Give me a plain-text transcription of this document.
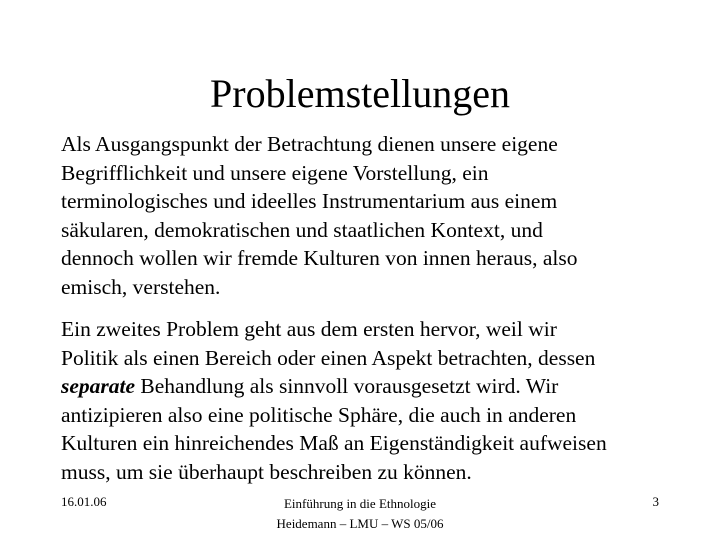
Problemstellungen

Als Ausgangspunkt der Betrachtung dienen unsere eigene
Begrifflichkeit und unsere eigene Vorstellung, ein
terminologisches und ideelles Instrumentarium aus einem
säkularen, demokratischen und staatlichen Kontext, und
dennoch wollen wir fremde Kulturen von innen heraus, also
emisch, verstehen.

Ein zweites Problem geht aus dem ersten hervor, weil wir
Politik als einen Bereich oder einen Aspekt betrachten, dessen
separate Behandlung als sinnvoll vorausgesetzt wird. Wir
antizipieren also eine politische Sphäre, die auch in anderen
Kulturen ein hinreichendes Maß an Eigenständigkeit aufweisen
muss, um sie überhaupt beschreiben zu können.

16.01.06	Einführung in die Ethnologie
Heidemann – LMU – WS 05/06
3
